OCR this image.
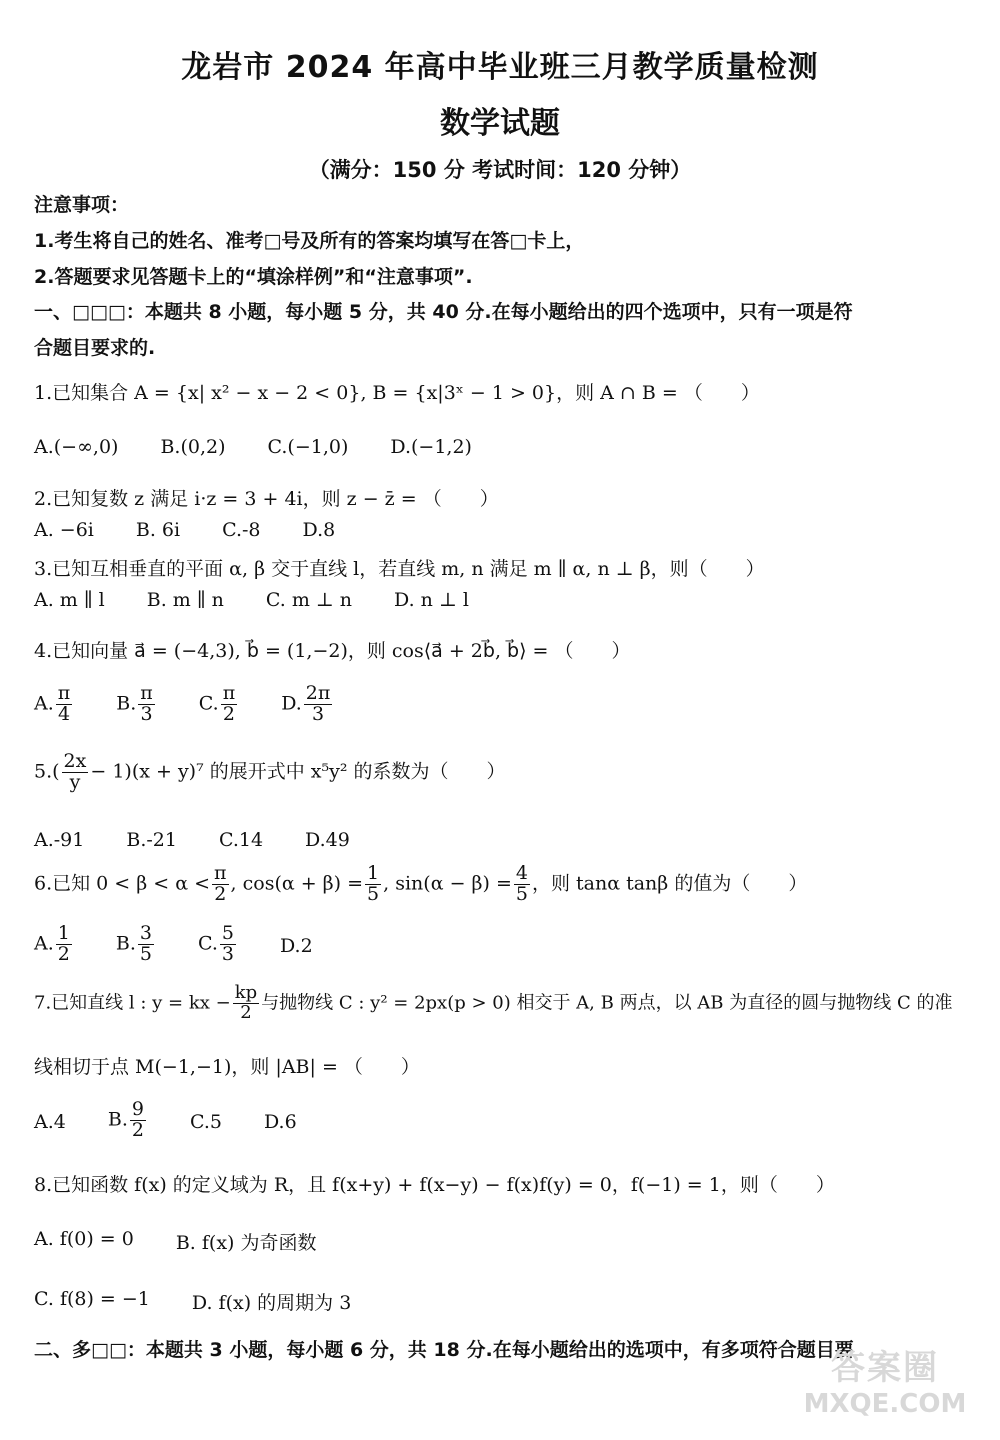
龙岩市 2024 年高中毕业班三月教学质量检测
数学试题
（满分：150 分 考试时间：120 分钟）
注意事项：
1.考生将自己的姓名、准考□号及所有的答案均填写在答□卡上，
2.答题要求见答题卡上的“填涂样例”和“注意事项”.
一、□□□：本题共 8 小题，每小题 5 分，共 40 分.在每小题给出的四个选项中，只有一项是符
合题目要求的.
1.已知集合 A = {x| x² − x − 2 < 0}, B = {x|3ˣ − 1 > 0}，则 A ∩ B = （　　）
A.(−∞,0) B.(0,2) C.(−1,0) D.(−1,2)
2.已知复数 z 满足 i·z = 3 + 4i，则 z − z̄ = （　　）
A. −6i B. 6i C.-8 D.8
3.已知互相垂直的平面 α, β 交于直线 l，若直线 m, n 满足 m ∥ α, n ⊥ β，则（　　）
A. m ∥ l B. m ∥ n C. m ⊥ n D. n ⊥ l
4.已知向量 a⃗ = (−4,3), b⃗ = (1,−2)，则 cos⟨a⃗ + 2b⃗, b⃗⟩ = （　　）
A. $\frac{\pi}{4} B$. $\frac{\pi}{3} C$. $\frac{\pi}{2} D$. $\frac{2\pi}{3}$
$5.( \frac{2x}{y} - 1)(x + y)^7$ 的展开式中 x⁵y² 的系数为（　　）
A.-91 B.-21 C.14 D.49
6.已知 $0 < \beta < \alpha < \frac{\pi}{2}$ , $\cos(\alpha + \beta) = \frac{1}{5}$ , $\sin(\alpha - \beta) = \frac{4}{5}$ ，则 tanα tanβ 的值为（　　）
A. $\frac{1}{2} B$. $\frac{3}{5} C$. $\frac{5}{3} D.2$
7.已知直线 l : y = kx − $\frac{kp}{2}$ 与抛物线 C : y² = 2px(p > 0) 相交于 A, B 两点，以 AB 为直径的圆与抛物线 C 的准
线相切于点 M(−1,−1)，则 |AB| = （　　）
A.4 B. $\frac{9}{2} C.5$ D.6
8.已知函数 f(x) 的定义域为 R，且 f(x+y) + f(x−y) − f(x)f(y) = 0，f(−1) = 1，则（　　）
A. f(0) = 0 B. f(x) 为奇函数
C. f(8) = −1 D. f(x) 的周期为 3
二、多□□：本题共 3 小题，每小题 6 分，共 18 分.在每小题给出的选项中，有多项符合题目要
答案圈
MXQE.COM
